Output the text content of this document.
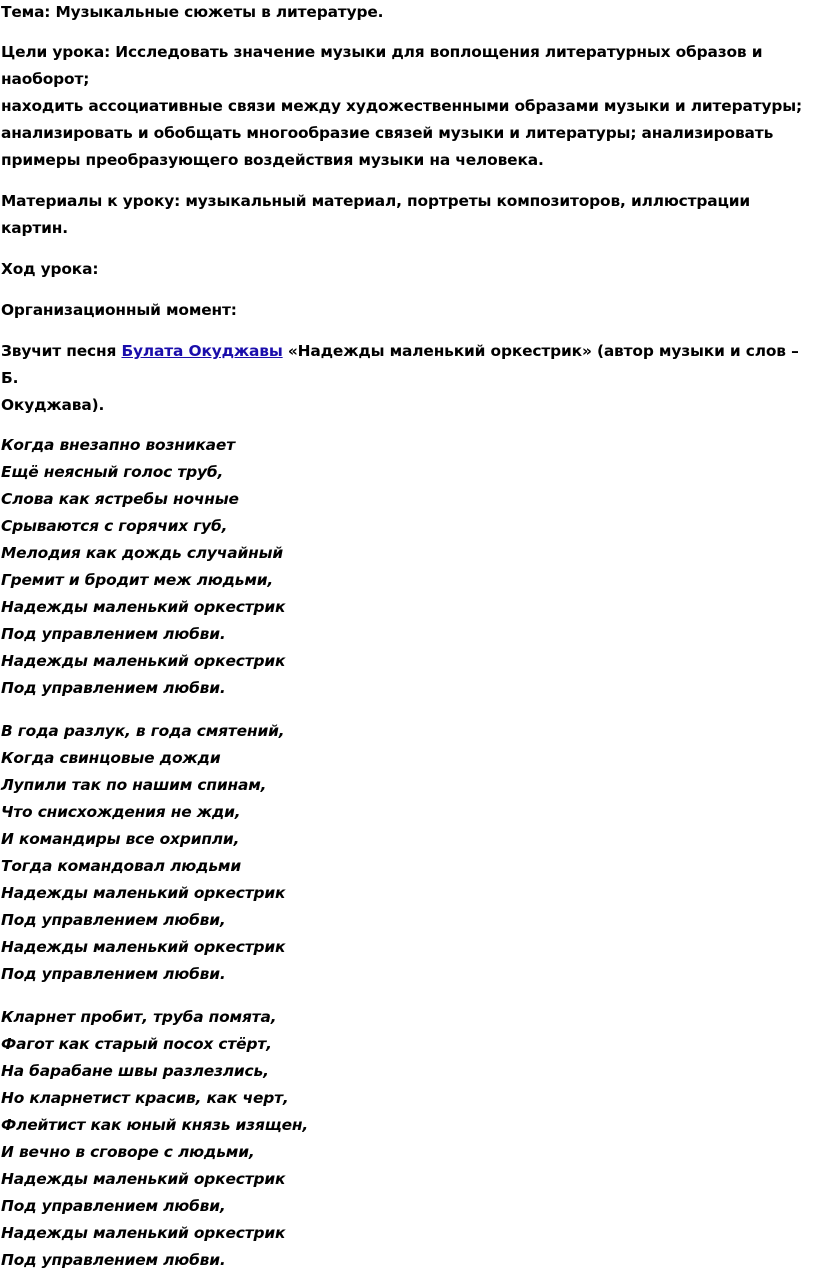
Тема: Музыкальные сюжеты в литературе.

Цели урока: Исследовать значение музыки для воплощения литературных образов и наоборот;

находить ассоциативные связи между художественными образами музыки и литературы;

анализировать и обобщать многообразие связей музыки и литературы; анализировать

примеры преобразующего воздействия музыки на человека.

Материалы к уроку: музыкальный материал, портреты композиторов, иллюстрации картин.

Ход урока:

Организационный момент:

Звучит песня Булата Окуджавы «Надежды маленький оркестрик» (автор музыки и слов – Б.

Окуджава).

Когда внезапно возникает
Ещё неясный голос труб,
Слова как ястребы ночные
Срываются с горячих губ,
Мелодия как дождь случайный
Гремит и бродит меж людьми,
Надежды маленький оркестрик
Под управлением любви.
Надежды маленький оркестрик
Под управлением любви.
В года разлук, в года смятений,
Когда свинцовые дожди
Лупили так по нашим спинам,
Что снисхождения не жди,
И командиры все охрипли,
Тогда командовал людьми
Надежды маленький оркестрик
Под управлением любви,
Надежды маленький оркестрик
Под управлением любви.
Кларнет пробит, труба помята,
Фагот как старый посох стёрт,
На барабане швы разлезлись,
Но кларнетист красив, как черт,
Флейтист как юный князь изящен,
И вечно в сговоре с людьми,
Надежды маленький оркестрик
Под управлением любви,
Надежды маленький оркестрик
Под управлением любви.
